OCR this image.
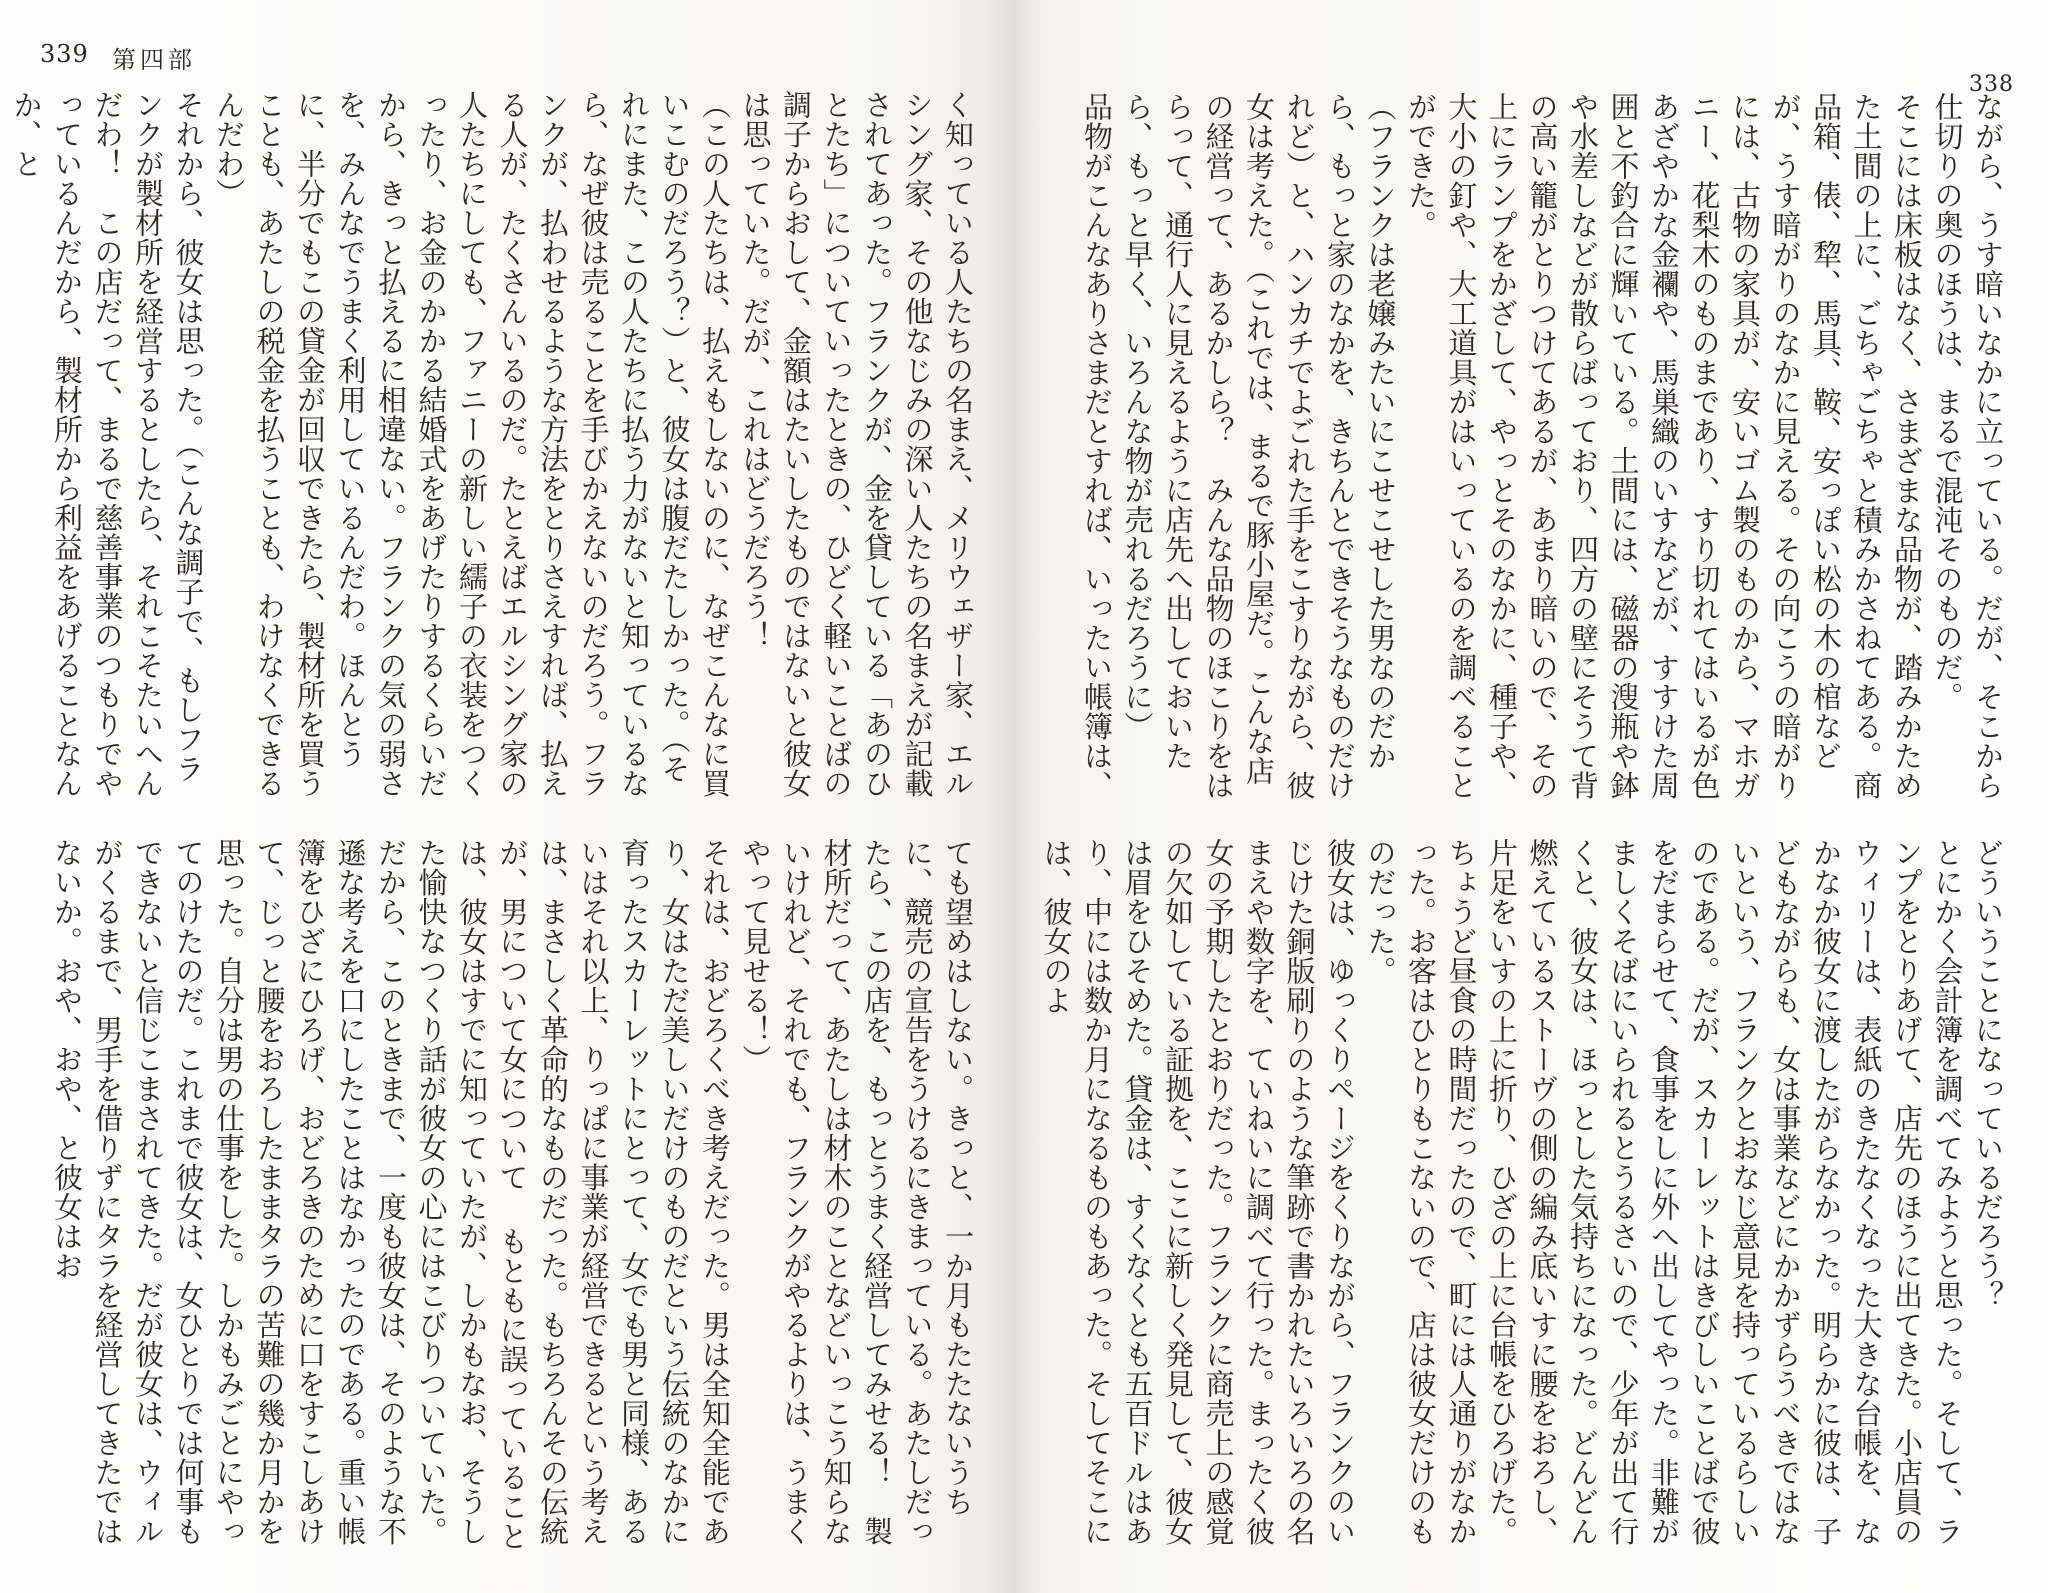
339 第四部
く知っている人たちの名まえ、メリウェザー家、エルシング家、その他なじみの深い人たちの名まえが記載されてあった。フランクが、金を貸している「あのひとたち」についていったときの、ひどく軽いことばの調子からおして、金額はたいしたものではないと彼女は思っていた。だが、これはどうだろう！
（この人たちは、払えもしないのに、なぜこんなに買いこむのだろう？）と、彼女は腹だたしかった。（それにまた、この人たちに払う力がないと知っているなら、なぜ彼は売ることを手びかえないのだろう。フランクが、払わせるような方法をとりさえすれば、払える人が、たくさんいるのだ。たとえばエルシング家の人たちにしても、ファニーの新しい繻子の衣装をつくったり、お金のかかる結婚式をあげたりするくらいだから、きっと払えるに相違ない。フランクの気の弱さを、みんなでうまく利用しているんだわ。ほんとうに、半分でもこの貸金が回収できたら、製材所を買うことも、あたしの税金を払うことも、わけなくできるんだわ）
それから、彼女は思った。（こんな調子で、もしフランクが製材所を経営するとしたら、それこそたいへんだわ！　この店だって、まるで慈善事業のつもりでやっているんだから、製材所から利益をあげることなんか、と
ても望めはしない。きっと、一か月もたたないうちに、競売の宣告をうけるにきまっている。あたしだったら、この店を、もっとうまく経営してみせる！　製材所だって、あたしは材木のことなどいっこう知らないけれど、それでも、フランクがやるよりは、うまくやって見せる！）
それは、おどろくべき考えだった。男は全知全能であり、女はただ美しいだけのものだという伝統のなかに育ったスカーレットにとって、女でも男と同様、あるいはそれ以上、りっぱに事業が経営できるという考えは、まさしく革命的なものだった。もちろんその伝統が、男について女について もともに誤っていることは、彼女はすでに知っていたが、しかもなお、そうした愉快なつくり話が彼女の心にはこびりついていた。だから、このときまで、一度も彼女は、そのような不遜な考えを口にしたことはなかったのである。重い帳簿をひざにひろげ、おどろきのために口をすこしあけて、じっと腰をおろしたままタラの苦難の幾か月かを思った。自分は男の仕事をした。しかもみごとにやってのけたのだ。これまで彼女は、女ひとりでは何事もできないと信じこまされてきた。だが彼女は、ウィルがくるまで、男手を借りずにタラを経営してきたではないか。おや、おや、と彼女はお
338
ながら、うす暗いなかに立っている。だが、そこから仕切りの奥のほうは、まるで混沌そのものだ。
そこには床板はなく、さまざまな品物が、踏みかためた土間の上に、ごちゃごちゃと積みかさねてある。商品箱、俵、犂、馬具、鞍、安っぽい松の木の棺などが、うす暗がりのなかに見える。その向こうの暗がりには、古物の家具が、安いゴム製のものから、マホガニー、花梨木のものまであり、すり切れてはいるが色あざやかな金襴や、馬巣織のいすなどが、すすけた周囲と不釣合に輝いている。土間には、磁器の溲瓶や鉢や水差しなどが散らばっており、四方の壁にそうて背の高い籠がとりつけてあるが、あまり暗いので、その上にランプをかざして、やっとそのなかに、種子や、大小の釘や、大工道具がはいっているのを調べることができた。
（フランクは老嬢みたいにこせこせした男なのだから、もっと家のなかを、きちんとできそうなものだけれど）と、ハンカチでよごれた手をこすりながら、彼女は考えた。（これでは、まるで豚小屋だ。こんな店の経営って、あるかしら？　みんな品物のほこりをはらって、通行人に見えるように店先へ出しておいたら、もっと早く、いろんな物が売れるだろうに）
品物がこんなありさまだとすれば、いったい帳簿は、
どういうことになっているだろう？
とにかく会計簿を調べてみようと思った。そして、ランプをとりあげて、店先のほうに出てきた。小店員のウィリーは、表紙のきたなくなった大きな台帳を、なかなか彼女に渡したがらなかった。明らかに彼は、子どもながらも、女は事業などにかかずらうべきではないという、フランクとおなじ意見を持っているらしいのである。だが、スカーレットはきびしいことばで彼をだまらせて、食事をしに外へ出してやった。非難がましくそばにいられるとうるさいので、少年が出て行くと、彼女は、ほっとした気持ちになった。どんどん燃えているストーヴの側の編み底いすに腰をおろし、片足をいすの上に折り、ひざの上に台帳をひろげた。ちょうど昼食の時間だったので、町には人通りがなかった。お客はひとりもこないので、店は彼女だけのものだった。
彼女は、ゆっくりページをくりながら、フランクのいじけた銅版刷りのような筆跡で書かれたいろいろの名まえや数字を、ていねいに調べて行った。まったく彼女の予期したとおりだった。フランクに商売上の感覚の欠如している証拠を、ここに新しく発見して、彼女は眉をひそめた。貸金は、すくなくとも五百ドルはあり、中には数か月になるものもあった。そしてそこには、彼女のよ
